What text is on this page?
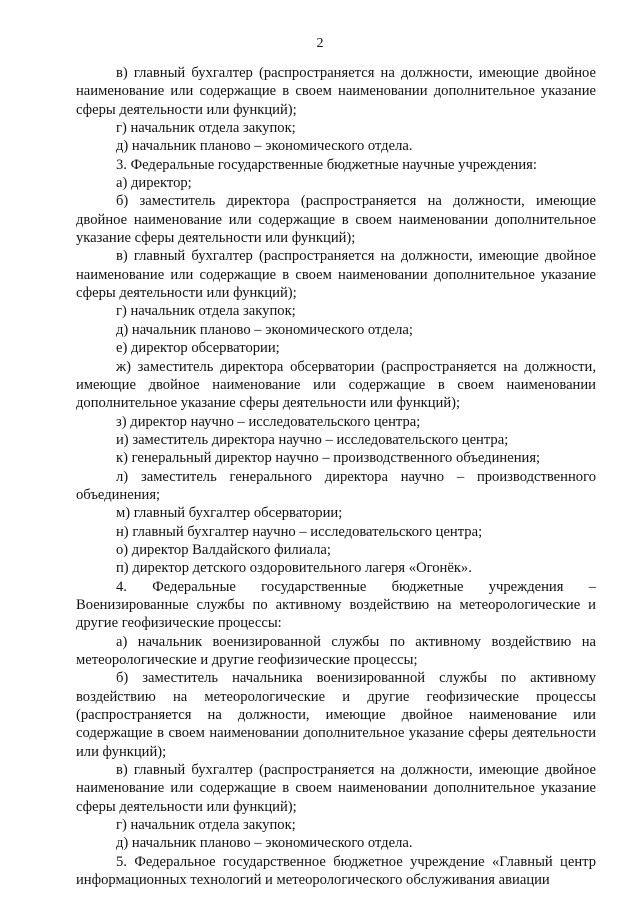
2

в) главный бухгалтер (распространяется на должности, имеющие двойное наименование или содержащие в своем наименовании дополнительное указание сферы деятельности или функций);

г) начальник отдела закупок;

д) начальник планово – экономического отдела.

3. Федеральные государственные бюджетные научные учреждения:

а) директор;

б) заместитель директора (распространяется на должности, имеющие двойное наименование или содержащие в своем наименовании дополнительное указание сферы деятельности или функций);

в) главный бухгалтер (распространяется на должности, имеющие двойное наименование или содержащие в своем наименовании дополнительное указание сферы деятельности или функций);

г) начальник отдела закупок;

д) начальник планово – экономического отдела;

е) директор обсерватории;

ж) заместитель директора обсерватории (распространяется на должности, имеющие двойное наименование или содержащие в своем наименовании дополнительное указание сферы деятельности или функций);

з) директор научно – исследовательского центра;

и) заместитель директора научно – исследовательского центра;

к) генеральный директор научно – производственного объединения;

л) заместитель генерального директора научно – производственного объединения;

м) главный бухгалтер обсерватории;

н) главный бухгалтер научно – исследовательского центра;

о) директор Валдайского филиала;

п) директор детского оздоровительного лагеря «Огонёк».

4. Федеральные государственные бюджетные учреждения – Военизированные службы по активному воздействию на метеорологические и другие геофизические процессы:

а) начальник военизированной службы по активному воздействию на метеорологические и другие геофизические процессы;

б) заместитель начальника военизированной службы по активному воздействию на метеорологические и другие геофизические процессы (распространяется на должности, имеющие двойное наименование или содержащие в своем наименовании дополнительное указание сферы деятельности или функций);

в) главный бухгалтер (распространяется на должности, имеющие двойное наименование или содержащие в своем наименовании дополнительное указание сферы деятельности или функций);

г) начальник отдела закупок;

д) начальник планово – экономического отдела.

5. Федеральное государственное бюджетное учреждение «Главный центр информационных технологий и метеорологического обслуживания авиации
